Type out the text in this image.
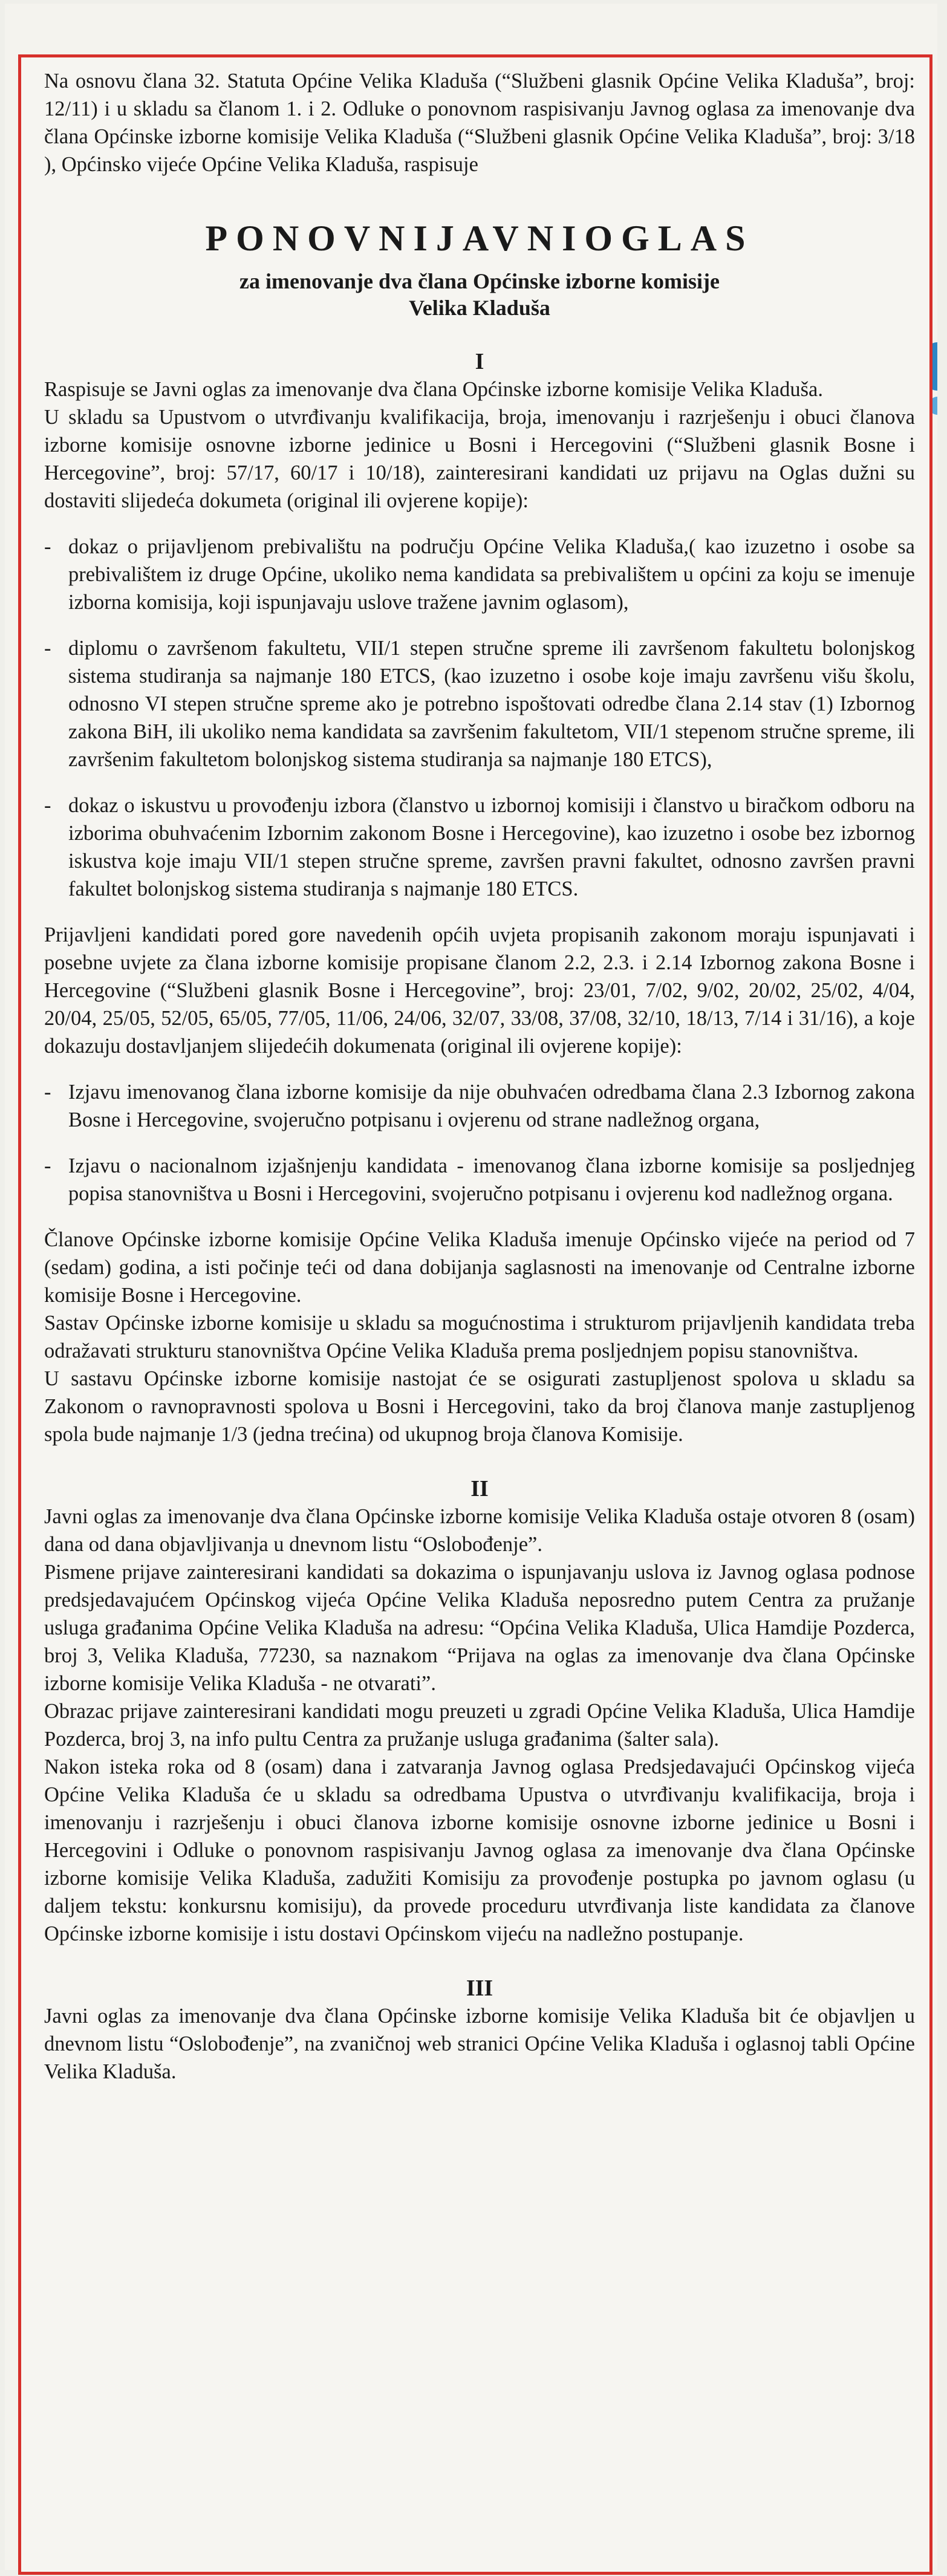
Na osnovu člana 32. Statuta Općine Velika Kladuša (“Službeni glasnik Općine Velika Kladuša”, broj: 12/11) i u skladu sa članom 1. i 2. Odluke o ponovnom raspisivanju Javnog oglasa za imenovanje dva člana Općinske izborne komisije Velika Kladuša (“Službeni glasnik Općine Velika Kladuša”, broj: 3/18 ), Općinsko vijeće Općine Velika Kladuša, raspisuje

PONOVNIJAVNIOGLAS

za imenovanje dva člana Općinske izborne komisije

Velika Kladuša

I

Raspisuje se Javni oglas za imenovanje dva člana Općinske izborne komisije Velika Kladuša.

U skladu sa Upustvom o utvrđivanju kvalifikacija, broja, imenovanju i razrješenju i obuci članova izborne komisije osnovne izborne jedinice u Bosni i Hercegovini (“Službeni glasnik Bosne i Hercegovine”, broj: 57/17, 60/17 i 10/18), zainteresirani kandidati uz prijavu na Oglas dužni su dostaviti slijedeća dokumeta (original ili ovjerene kopije):

- dokaz o prijavljenom prebivalištu na području Općine Velika Kladuša,( kao izuzetno i osobe sa prebivalištem iz druge Općine, ukoliko nema kandidata sa prebivalištem u općini za koju se imenuje izborna komisija, koji ispunjavaju uslove tražene javnim oglasom),
- diplomu o završenom fakultetu, VII/1 stepen stručne spreme ili završenom fakultetu bolonjskog sistema studiranja sa najmanje 180 ETCS, (kao izuzetno i osobe koje imaju završenu višu školu, odnosno VI stepen stručne spreme ako je potrebno ispoštovati odredbe člana 2.14 stav (1) Izbornog zakona BiH, ili ukoliko nema kandidata sa završenim fakultetom, VII/1 stepenom stručne spreme, ili završenim fakultetom bolonjskog sistema studiranja sa najmanje 180 ETCS),
- dokaz o iskustvu u provođenju izbora (članstvo u izbornoj komisiji i članstvo u biračkom odboru na izborima obuhvaćenim Izbornim zakonom Bosne i Hercegovine), kao izuzetno i osobe bez izbornog iskustva koje imaju VII/1 stepen stručne spreme, završen pravni fakultet, odnosno završen pravni fakultet bolonjskog sistema studiranja s najmanje 180 ETCS.

Prijavljeni kandidati pored gore navedenih općih uvjeta propisanih zakonom moraju ispunjavati i posebne uvjete za člana izborne komisije propisane članom 2.2, 2.3. i 2.14 Izbornog zakona Bosne i Hercegovine (“Službeni glasnik Bosne i Hercegovine”, broj: 23/01, 7/02, 9/02, 20/02, 25/02, 4/04, 20/04, 25/05, 52/05, 65/05, 77/05, 11/06, 24/06, 32/07, 33/08, 37/08, 32/10, 18/13, 7/14 i 31/16), a koje dokazuju dostavljanjem slijedećih dokumenata (original ili ovjerene kopije):

- Izjavu imenovanog člana izborne komisije da nije obuhvaćen odredbama člana 2.3 Izbornog zakona Bosne i Hercegovine, svojeručno potpisanu i ovjerenu od strane nadležnog organa,
- Izjavu o nacionalnom izjašnjenju kandidata - imenovanog člana izborne komisije sa posljednjeg popisa stanovništva u Bosni i Hercegovini, svojeručno potpisanu i ovjerenu kod nadležnog organa.

Članove Općinske izborne komisije Općine Velika Kladuša imenuje Općinsko vijeće na period od 7 (sedam) godina, a isti počinje teći od dana dobijanja saglasnosti na imenovanje od Centralne izborne komisije Bosne i Hercegovine.

Sastav Općinske izborne komisije u skladu sa mogućnostima i strukturom prijavljenih kandidata treba odražavati strukturu stanovništva Općine Velika Kladuša prema posljednjem popisu stanovništva.

U sastavu Općinske izborne komisije nastojat će se osigurati zastupljenost spolova u skladu sa Zakonom o ravnopravnosti spolova u Bosni i Hercegovini, tako da broj članova manje zastupljenog spola bude najmanje 1/3 (jedna trećina) od ukupnog broja članova Komisije.

II

Javni oglas za imenovanje dva člana Općinske izborne komisije Velika Kladuša ostaje otvoren 8 (osam) dana od dana objavljivanja u dnevnom listu “Oslobođenje”.

Pismene prijave zainteresirani kandidati sa dokazima o ispunjavanju uslova iz Javnog oglasa podnose predsjedavajućem Općinskog vijeća Općine Velika Kladuša neposredno putem Centra za pružanje usluga građanima Općine Velika Kladuša na adresu: “Općina Velika Kladuša, Ulica Hamdije Pozderca, broj 3, Velika Kladuša, 77230, sa naznakom “Prijava na oglas za imenovanje dva člana Općinske izborne komisije Velika Kladuša - ne otvarati”.

Obrazac prijave zainteresirani kandidati mogu preuzeti u zgradi Općine Velika Kladuša, Ulica Hamdije Pozderca, broj 3, na info pultu Centra za pružanje usluga građanima (šalter sala).

Nakon isteka roka od 8 (osam) dana i zatvaranja Javnog oglasa Predsjedavajući Općinskog vijeća Općine Velika Kladuša će u skladu sa odredbama Upustva o utvrđivanju kvalifikacija, broja i imenovanju i razrješenju i obuci članova izborne komisije osnovne izborne jedinice u Bosni i Hercegovini i Odluke o ponovnom raspisivanju Javnog oglasa za imenovanje dva člana Općinske izborne komisije Velika Kladuša, zadužiti Komisiju za provođenje postupka po javnom oglasu (u daljem tekstu: konkursnu komisiju), da provede proceduru utvrđivanja liste kandidata za članove Općinske izborne komisije i istu dostavi Općinskom vijeću na nadležno postupanje.

III

Javni oglas za imenovanje dva člana Općinske izborne komisije Velika Kladuša bit će objavljen u dnevnom listu “Oslobođenje”, na zvaničnoj web stranici Općine Velika Kladuša i oglasnoj tabli Općine Velika Kladuša.
